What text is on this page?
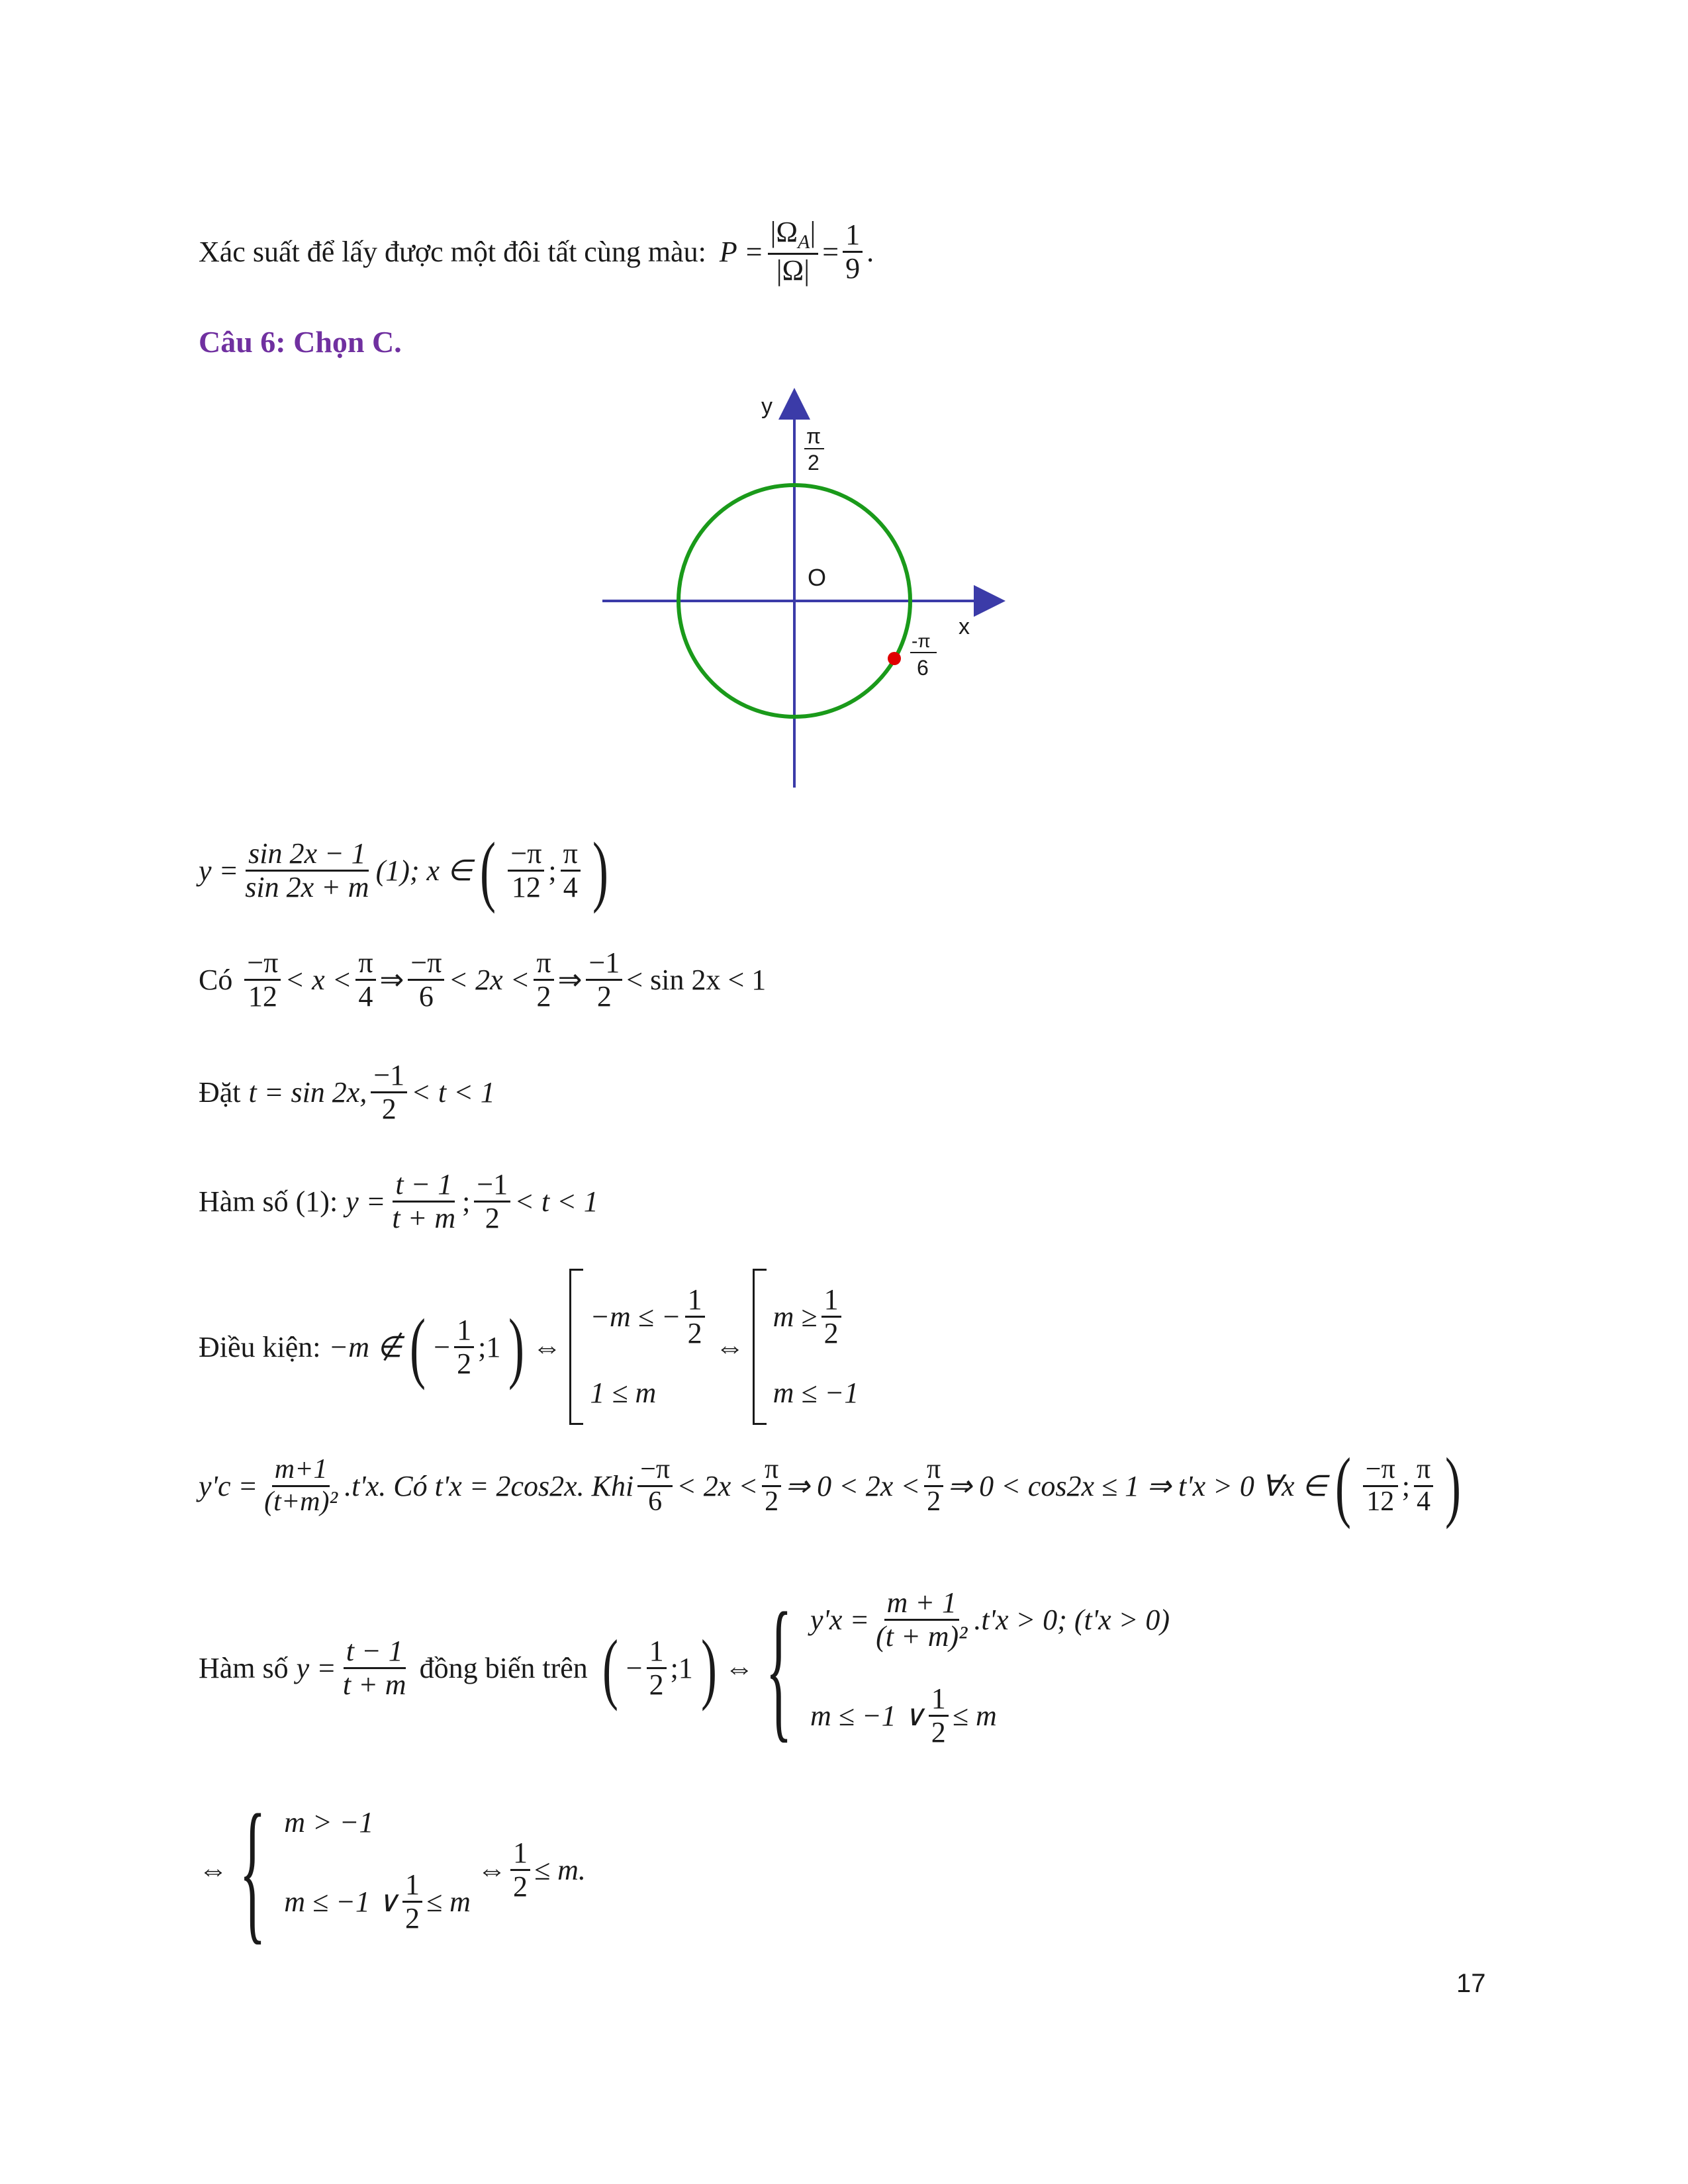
Xác suất để lấy được một đôi tất cùng màu: $P = \frac{|\Omega_A|}{|\Omega|} = \frac{1}{9}$ .
Câu 6: Chọn C.
y
x
O
π
2
-π
6
$y = \frac{\sin 2x - 1}{\sin 2x + m} (1)$; x ∈ ( $\frac{-\pi}{12}$ ; $\frac{\pi}{4}$ )
Có $\frac{-\pi}{12} < x < \frac{\pi}{4}$ ⇒ $\frac{-\pi}{6} < 2x < \frac{\pi}{2}$ ⇒ $\frac{-1}{2} < \sin 2x < 1$
Đặt t = sin 2x, $\frac{-1}{2} < t < 1$
Hàm số (1): $y = \frac{t - 1}{t + m}$ ; $\frac{-1}{2} < t < 1$
Điều kiện: −m ∉ ( − $\frac{1}{2}$ ;1 ) ⇔
−m ≤ − $\frac{1}{2}$
1 ≤ m
⇔
$m \ge \frac{1}{2}$
m ≤ −1
$y'c = \frac{m+1}{\text{(t+m)²}} .t'x$. Có t'x = 2cos2x. Khi $\frac{-\pi}{6} < 2x < \frac{\pi}{2}$ ⇒ $0 < 2x < \frac{\pi}{2}$ ⇒ 0 < cos2x ≤ 1 ⇒ t'x > 0 ∀x ∈ ( $\frac{-\pi}{12}$ ; $\frac{\pi}{4}$ )
Hàm số $y = \frac{t - 1}{t + m}$ đồng biến trên ( − $\frac{1}{2}$ ;1 ) ⇔ { $y'x = \frac{m + 1}{\text{(t + m)²}} .t'x > 0$; (t'x > 0)
m ≤ −1 ∨ $\frac{1}{2} \le m$
⇔ { m > −1
m ≤ −1 ∨ $\frac{1}{2} \le m$
⇔ $\frac{1}{2} \le m$.
17
